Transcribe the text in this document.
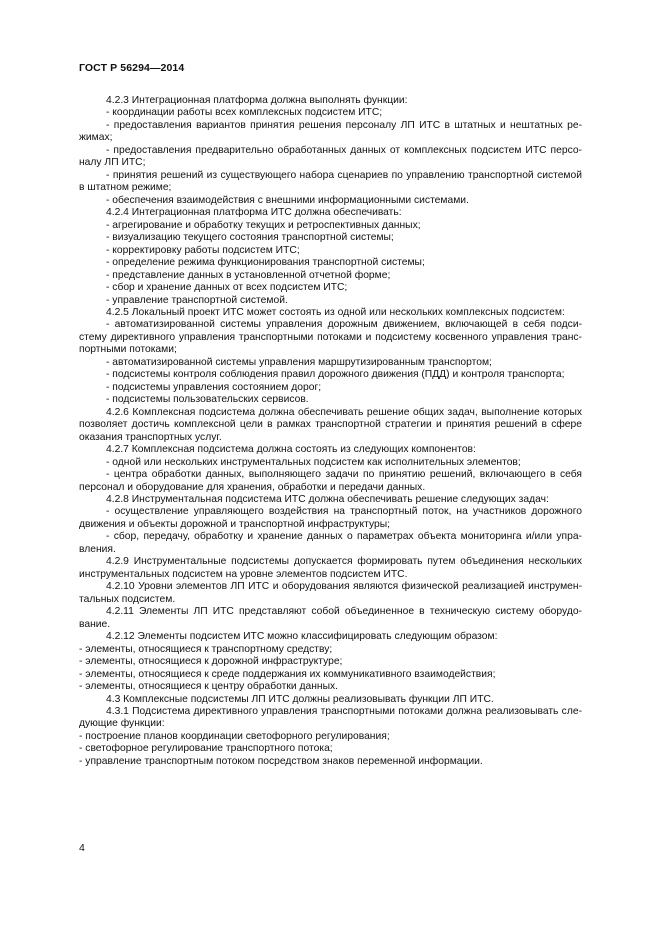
ГОСТ Р 56294—2014
4.2.3 Интеграционная платформа должна выполнять функции:
- координации работы всех комплексных подсистем ИТС;
- предоставления вариантов принятия решения персоналу ЛП ИТС в штатных и нештатных ре-
жимах;
- предоставления предварительно обработанных данных от комплексных подсистем ИТС персо-
налу ЛП ИТС;
- принятия решений из существующего набора сценариев по управлению транспортной системой
в штатном режиме;
- обеспечения взаимодействия с внешними информационными системами.
4.2.4 Интеграционная платформа ИТС должна обеспечивать:
- агрегирование и обработку текущих и ретроспективных данных;
- визуализацию текущего состояния транспортной системы;
- корректировку работы подсистем ИТС;
- определение режима функционирования транспортной системы;
- представление данных в установленной отчетной форме;
- сбор и хранение данных от всех подсистем ИТС;
- управление транспортной системой.
4.2.5 Локальный проект ИТС может состоять из одной или нескольких комплексных подсистем:
- автоматизированной системы управления дорожным движением, включающей в себя подси-
стему директивного управления транспортными потоками и подсистему косвенного управления транс-
портными потоками;
- автоматизированной системы управления маршрутизированным транспортом;
- подсистемы контроля соблюдения правил дорожного движения (ПДД) и контроля транспорта;
- подсистемы управления состоянием дорог;
- подсистемы пользовательских сервисов.
4.2.6 Комплексная подсистема должна обеспечивать решение общих задач, выполнение которых
позволяет достичь комплексной цели в рамках транспортной стратегии и принятия решений в сфере
оказания транспортных услуг.
4.2.7 Комплексная подсистема должна состоять из следующих компонентов:
- одной или нескольких инструментальных подсистем как исполнительных элементов;
- центра обработки данных, выполняющего задачи по принятию решений, включающего в себя
персонал и оборудование для хранения, обработки и передачи данных.
4.2.8 Инструментальная подсистема ИТС должна обеспечивать решение следующих задач:
- осуществление управляющего воздействия на транспортный поток, на участников дорожного
движения и объекты дорожной и транспортной инфраструктуры;
- сбор, передачу, обработку и хранение данных о параметрах объекта мониторинга и/или упра-
вления.
4.2.9 Инструментальные подсистемы допускается формировать путем объединения нескольких
инструментальных подсистем на уровне элементов подсистем ИТС.
4.2.10 Уровни элементов ЛП ИТС и оборудования являются физической реализацией инструмен-
тальных подсистем.
4.2.11 Элементы ЛП ИТС представляют собой объединенное в техническую систему оборудо-
вание.
4.2.12 Элементы подсистем ИТС можно классифицировать следующим образом:
- элементы, относящиеся к транспортному средству;
- элементы, относящиеся к дорожной инфраструктуре;
- элементы, относящиеся к среде поддержания их коммуникативного взаимодействия;
- элементы, относящиеся к центру обработки данных.
4.3 Комплексные подсистемы ЛП ИТС должны реализовывать функции ЛП ИТС.
4.3.1 Подсистема директивного управления транспортными потоками должна реализовывать сле-
дующие функции:
- построение планов координации светофорного регулирования;
- светофорное регулирование транспортного потока;
- управление транспортным потоком посредством знаков переменной информации.
4
